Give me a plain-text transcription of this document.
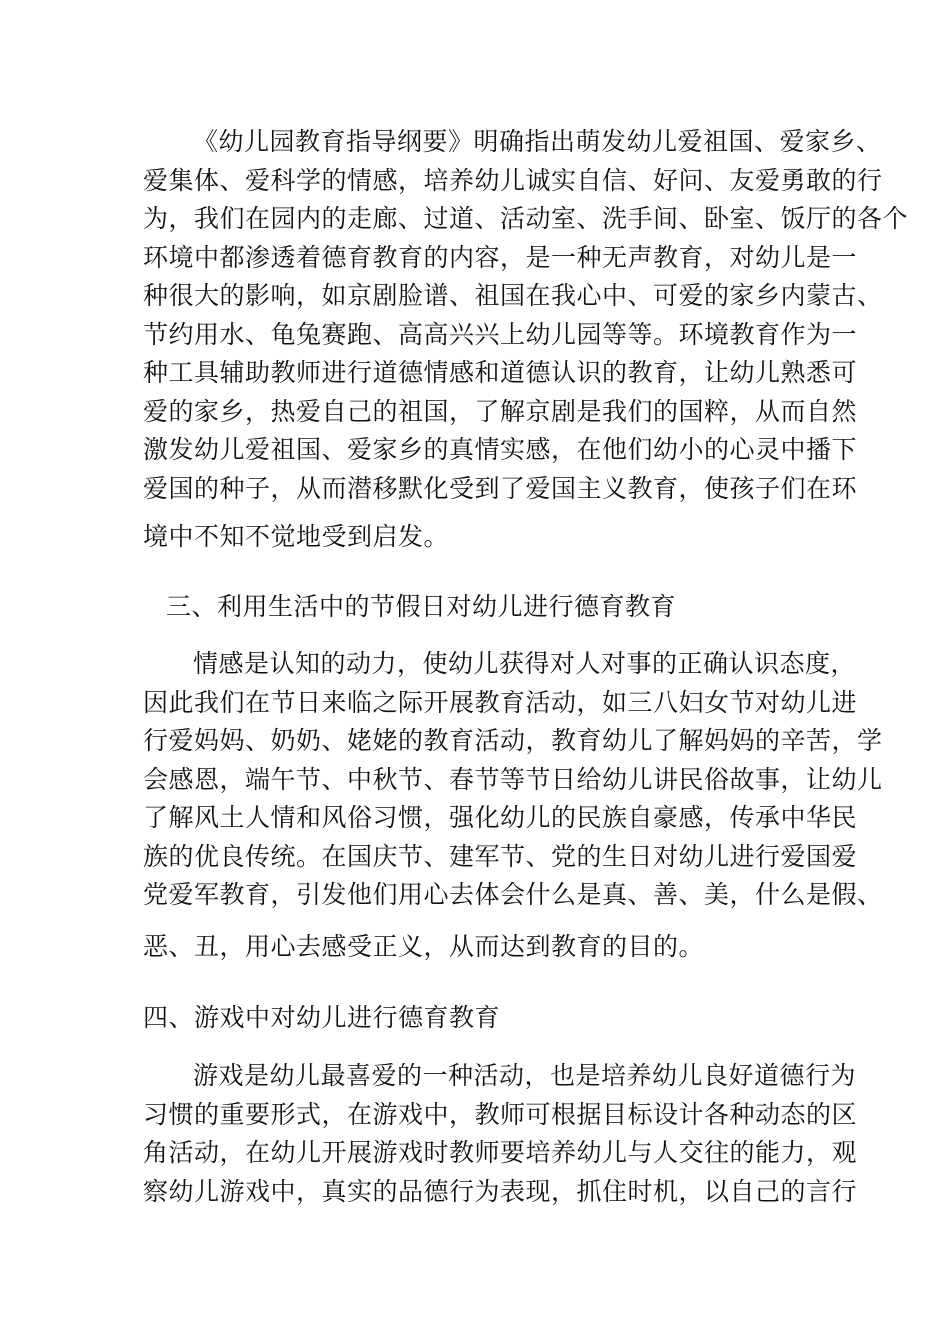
《幼儿园教育指导纲要》明确指出萌发幼儿爱祖国、爱家乡、
爱集体、爱科学的情感，培养幼儿诚实自信、好问、友爱勇敢的行
为，我们在园内的走廊、过道、活动室、洗手间、卧室、饭厅的各个
环境中都渗透着德育教育的内容，是一种无声教育，对幼儿是一
种很大的影响，如京剧脸谱、祖国在我心中、可爱的家乡内蒙古、
节约用水、龟兔赛跑、高高兴兴上幼儿园等等。环境教育作为一
种工具辅助教师进行道德情感和道德认识的教育，让幼儿熟悉可
爱的家乡，热爱自己的祖国，了解京剧是我们的国粹，从而自然
激发幼儿爱祖国、爱家乡的真情实感，在他们幼小的心灵中播下
爱国的种子，从而潜移默化受到了爱国主义教育，使孩子们在环
境中不知不觉地受到启发。
三、利用生活中的节假日对幼儿进行德育教育
情感是认知的动力，使幼儿获得对人对事的正确认识态度，
因此我们在节日来临之际开展教育活动，如三八妇女节对幼儿进
行爱妈妈、奶奶、姥姥的教育活动，教育幼儿了解妈妈的辛苦，学
会感恩，端午节、中秋节、春节等节日给幼儿讲民俗故事，让幼儿
了解风土人情和风俗习惯，强化幼儿的民族自豪感，传承中华民
族的优良传统。在国庆节、建军节、党的生日对幼儿进行爱国爱
党爱军教育，引发他们用心去体会什么是真、善、美，什么是假、
恶、丑，用心去感受正义，从而达到教育的目的。
四、游戏中对幼儿进行德育教育
游戏是幼儿最喜爱的一种活动，也是培养幼儿良好道德行为
习惯的重要形式，在游戏中，教师可根据目标设计各种动态的区
角活动，在幼儿开展游戏时教师要培养幼儿与人交往的能力，观
察幼儿游戏中，真实的品德行为表现，抓住时机，以自己的言行
